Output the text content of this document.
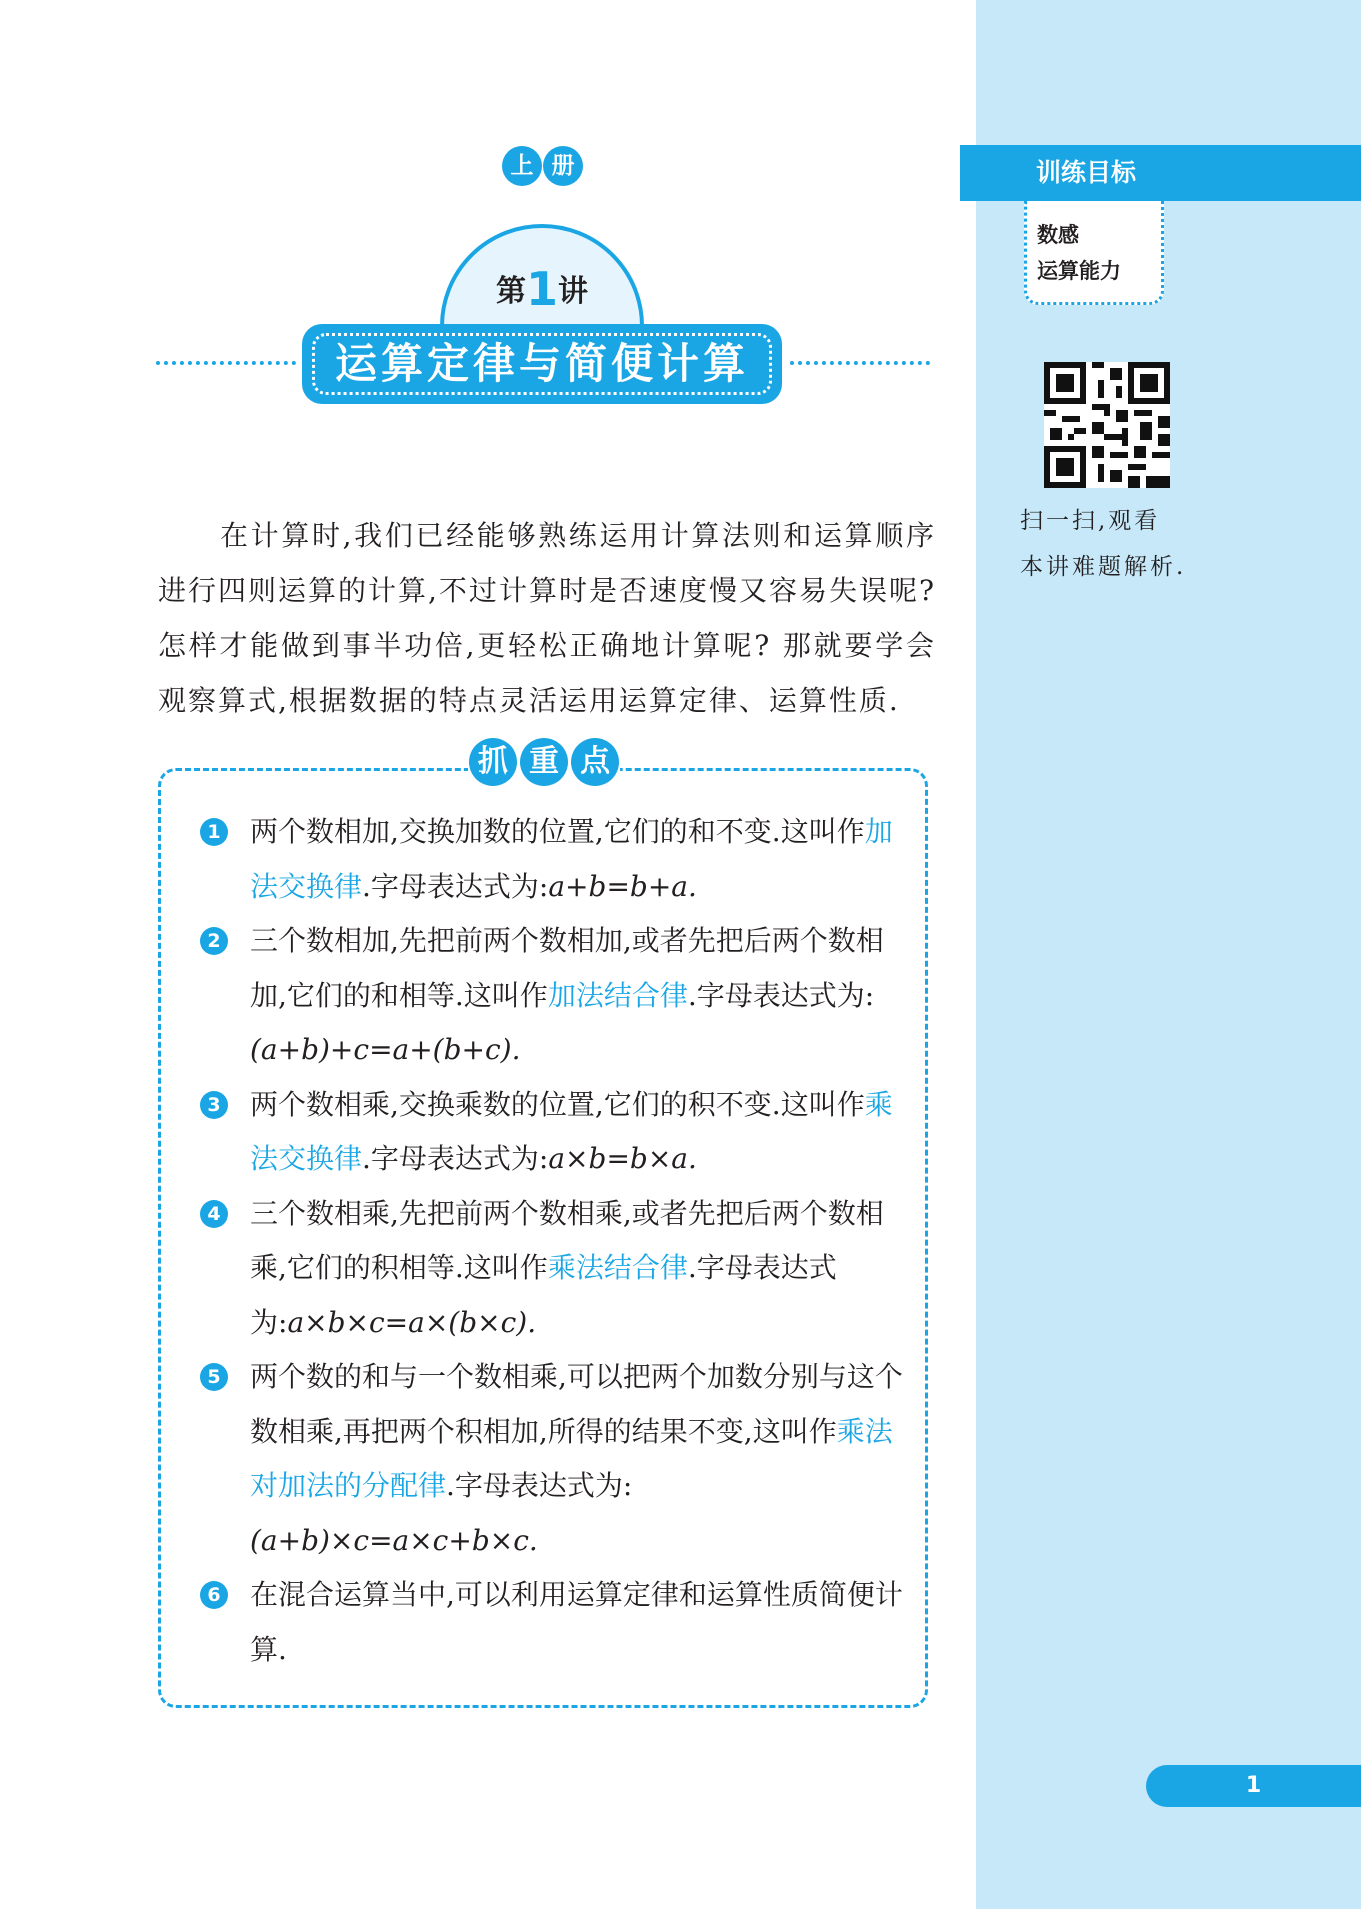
训练目标
数感
运算能力
扫一扫,观看
本讲难题解析.
1
上 册
第1讲
运算定律与简便计算

在计算时,我们已经能够熟练运用计算法则和运算顺序进行四则运算的计算,不过计算时是否速度慢又容易失误呢?怎样才能做到事半功倍,更轻松正确地计算呢? 那就要学会观察算式,根据数据的特点灵活运用运算定律、运算性质.

抓 重 点
1 两个数相加,交换加数的位置,它们的和不变.这叫作加法交换律.字母表达式为:a+b=b+a.
2 三个数相加,先把前两个数相加,或者先把后两个数相加,它们的和相等.这叫作加法结合律.字母表达式为:(a+b)+c=a+(b+c).
3 两个数相乘,交换乘数的位置,它们的积不变.这叫作乘法交换律.字母表达式为:a×b=b×a.
4 三个数相乘,先把前两个数相乘,或者先把后两个数相乘,它们的积相等.这叫作乘法结合律.字母表达式为:a×b×c=a×(b×c).
5 两个数的和与一个数相乘,可以把两个加数分别与这个数相乘,再把两个积相加,所得的结果不变,这叫作乘法对加法的分配律.字母表达式为:(a+b)×c=a×c+b×c.
6 在混合运算当中,可以利用运算定律和运算性质简便计算.
